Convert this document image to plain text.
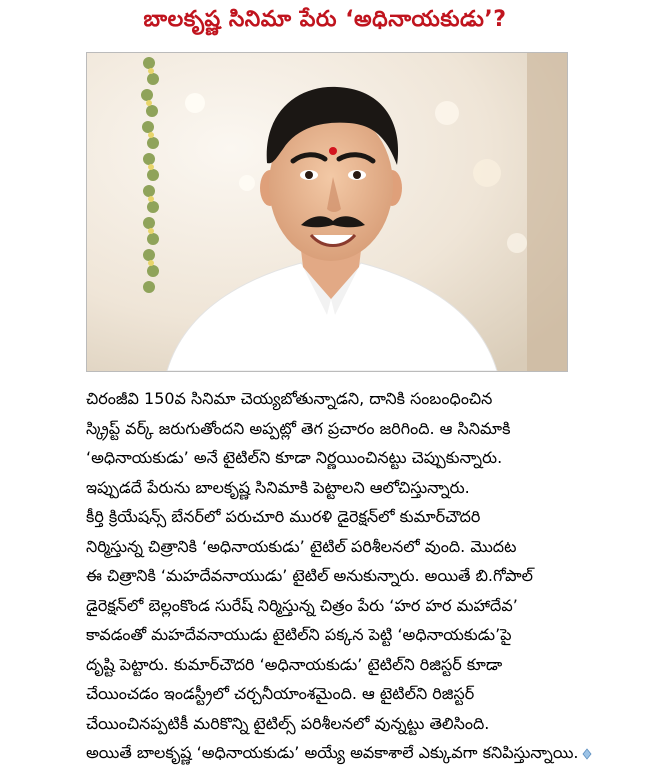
బాలకృష్ణ సినిమా పేరు ‘అధినాయకుడు’?
చిరంజీవి 150వ సినిమా చెయ్యబోతున్నాడని, దానికి సంబంధించిన
స్క్రిప్ట్ వర్క్ జరుగుతోందని అప్పట్లో తెగ ప్రచారం జరిగింది. ఆ సినిమాకి
‘అధినాయకుడు’ అనే టైటిల్‌ని కూడా నిర్ణయించినట్టు చెప్పుకున్నారు.
ఇప్పుడదే పేరును బాలకృష్ణ సినిమాకి పెట్టాలని ఆలోచిస్తున్నారు.
కీర్తి క్రియేషన్స్ బేనర్‌లో పరుచూరి మురళి డైరెక్షన్‌లో కుమార్‌చౌదరి
నిర్మిస్తున్న చిత్రానికి ‘అధినాయకుడు’ టైటిల్ పరిశీలనలో వుంది. మొదట
ఈ చిత్రానికి ‘మహదేవనాయుడు’ టైటిల్ అనుకున్నారు. అయితే బి.గోపాల్
డైరెక్షన్‌లో బెల్లంకొండ సురేష్ నిర్మిస్తున్న చిత్రం పేరు ‘హర హర మహాదేవ’
కావడంతో మహదేవనాయుడు టైటిల్‌ని పక్కన పెట్టి ‘అధినాయకుడు’పై
దృష్టి పెట్టారు. కుమార్‌చౌదరి ‘అధినాయకుడు’ టైటిల్‌ని రిజిస్టర్ కూడా
చేయించడం ఇండస్ట్రీలో చర్చనీయాంశమైంది. ఆ టైటిల్‌ని రిజిస్టర్
చేయించినప్పటికీ మరికొన్ని టైటిల్స్ పరిశీలనలో వున్నట్టు తెలిసింది.
అయితే బాలకృష్ణ ‘అధినాయకుడు’ అయ్యే అవకాశాలే ఎక్కువగా కనిపిస్తున్నాయి.
